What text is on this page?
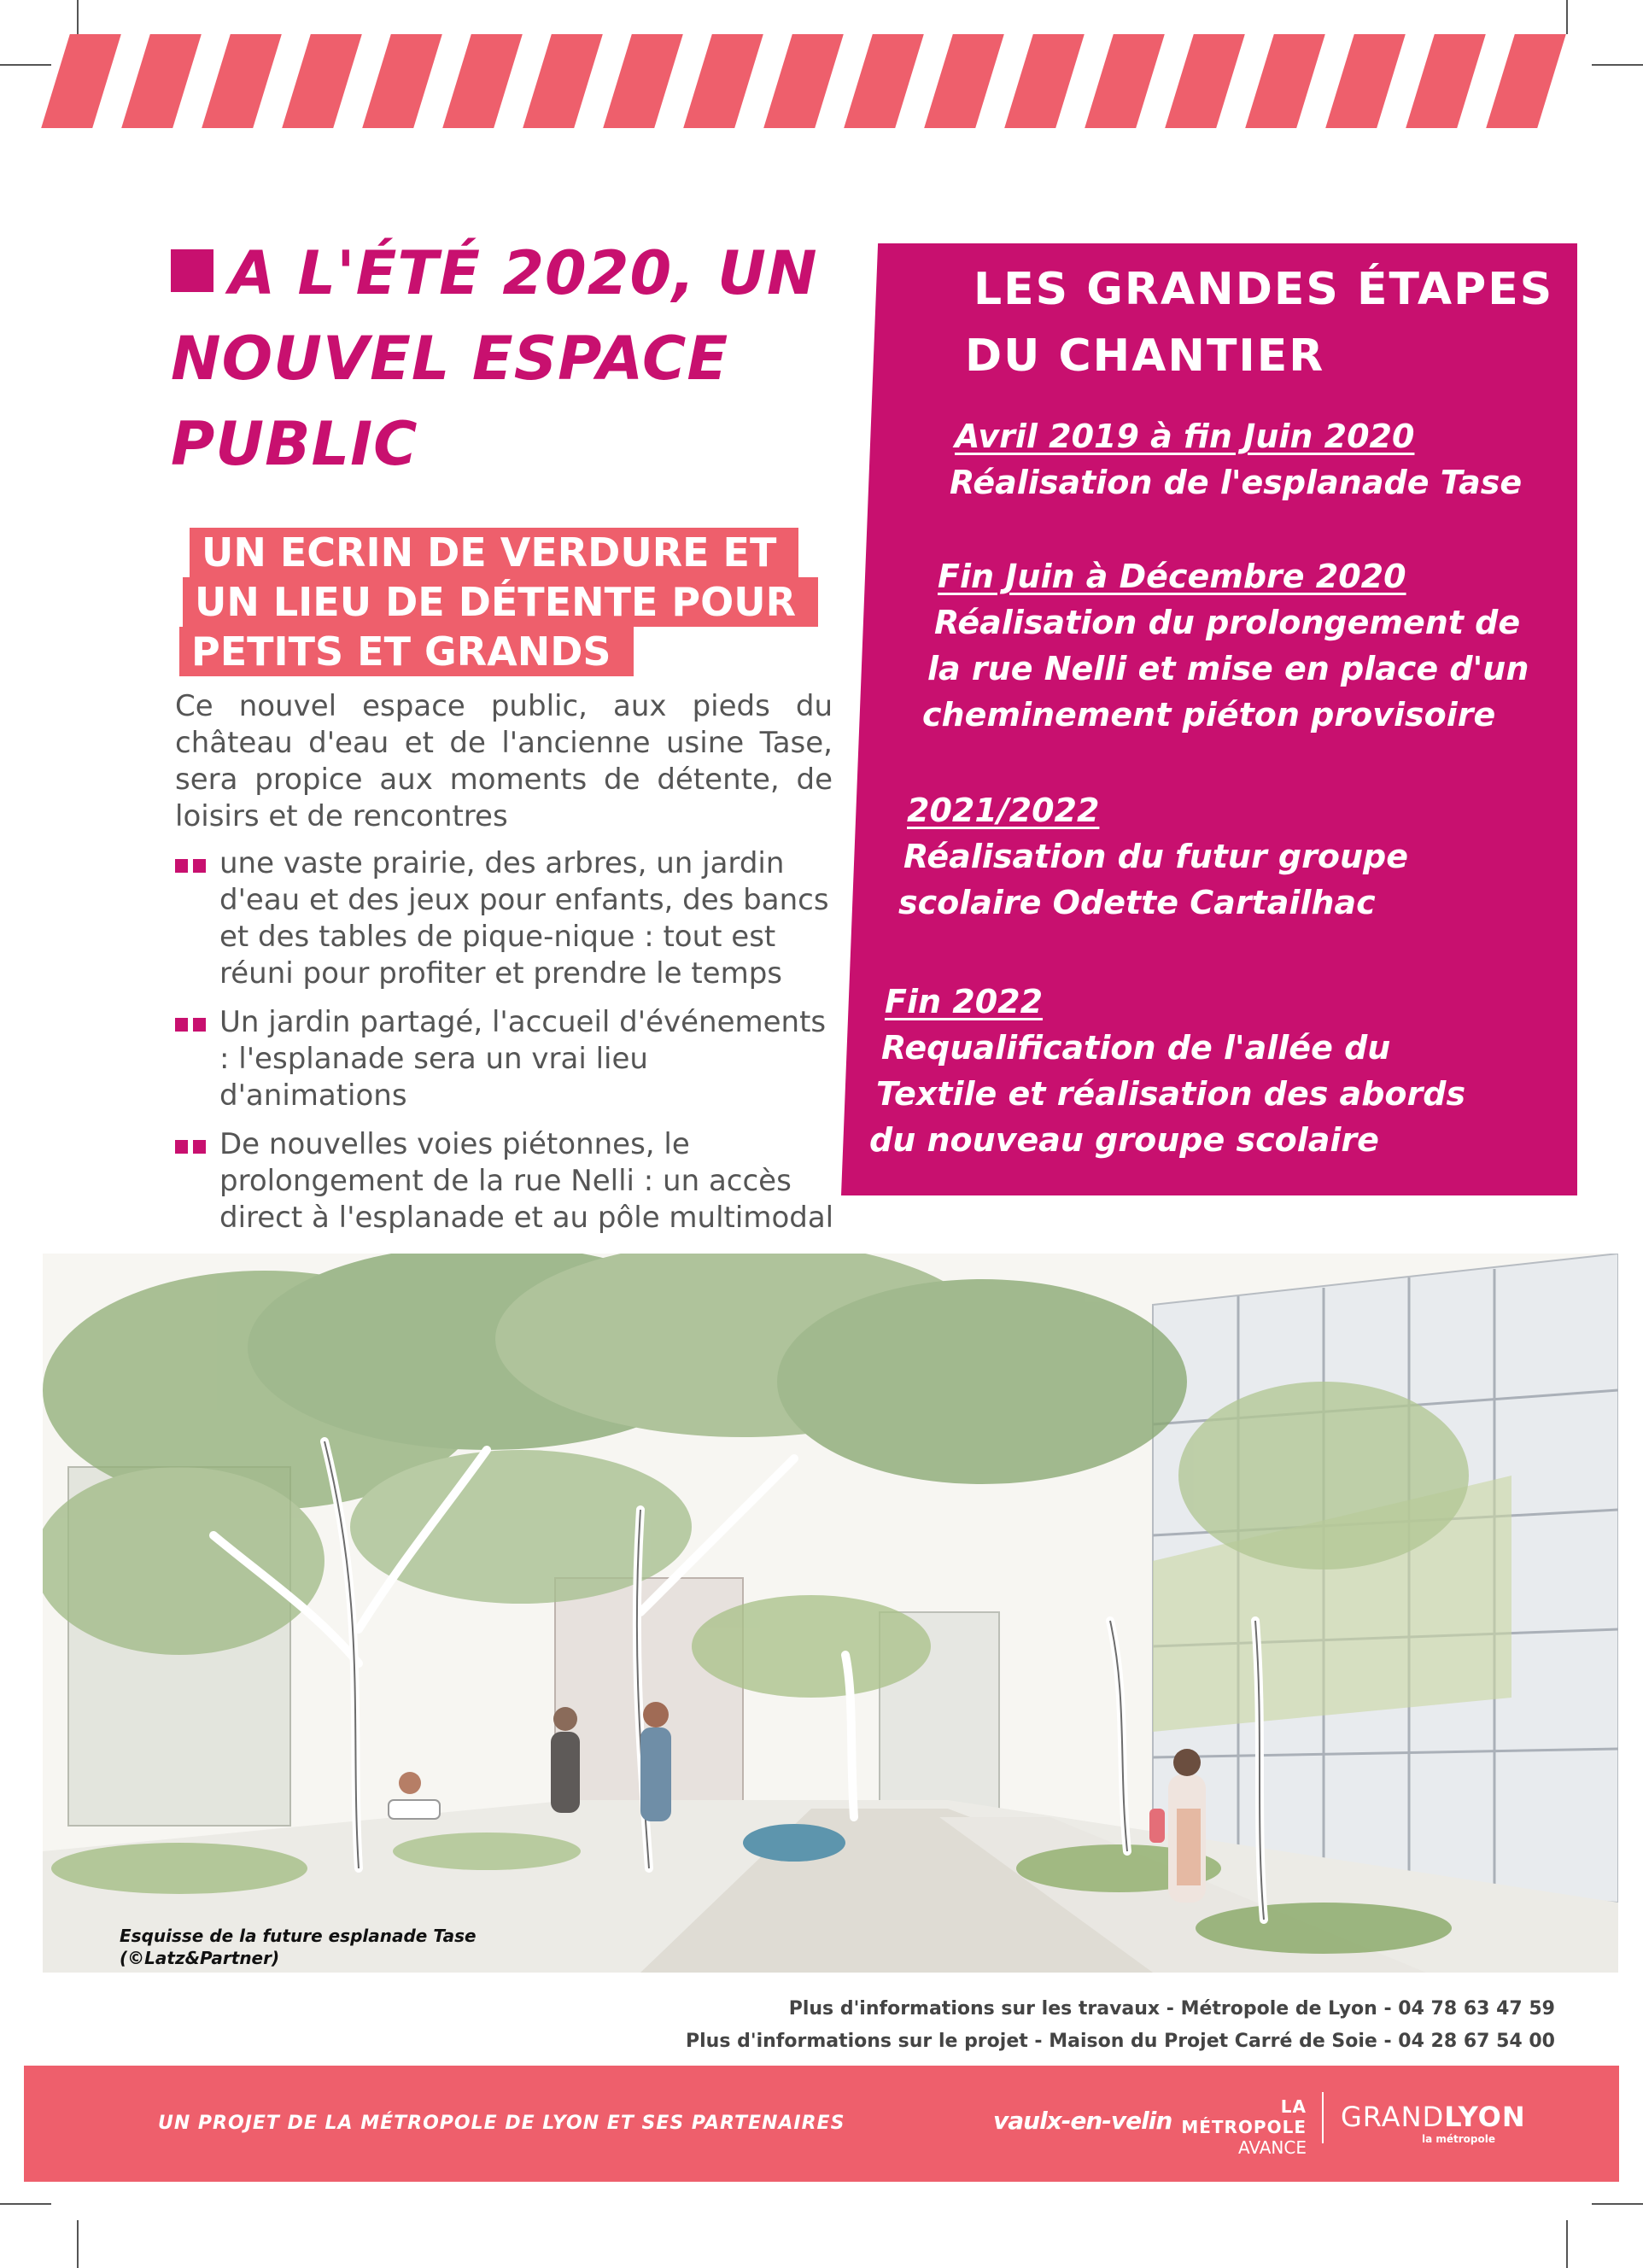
A L'ÉTÉ 2020, UN
NOUVEL ESPACE
PUBLIC
UN ECRIN DE VERDURE ET
UN LIEU DE DÉTENTE POUR
PETITS ET GRANDS
Ce nouvel espace public, aux pieds du château d'eau et de l'ancienne usine Tase, sera propice aux moments de détente, de loisirs et de rencontres
une vaste prairie, des arbres, un jardin d'eau et des jeux pour enfants, des bancs et des tables de pique-nique : tout est réuni pour profiter et prendre le temps
Un jardin partagé, l'accueil d'événements : l'esplanade sera un vrai lieu d'animations
De nouvelles voies piétonnes, le prolongement de la rue Nelli : un accès direct à l'esplanade et au pôle multimodal
LES GRANDES ÉTAPES
DU CHANTIER
Avril 2019 à fin Juin 2020
Réalisation de l'esplanade Tase
Fin Juin à Décembre 2020
Réalisation du prolongement de
la rue Nelli et mise en place d'un
cheminement piéton provisoire
2021/2022
Réalisation du futur groupe
scolaire Odette Cartailhac
Fin 2022
Requalification de l'allée du
Textile et réalisation des abords
du nouveau groupe scolaire
Esquisse de la future esplanade Tase
(©Latz&Partner)
Plus d'informations sur les travaux - Métropole de Lyon - 04 78 63 47 59
Plus d'informations sur le projet - Maison du Projet Carré de Soie - 04 28 67 54 00
UN PROJET DE LA MÉTROPOLE DE LYON ET SES PARTENAIRES	vaulx-en-velin	LA MÉTROPOLE
AVANCE
GRANDLYON
la métropole
